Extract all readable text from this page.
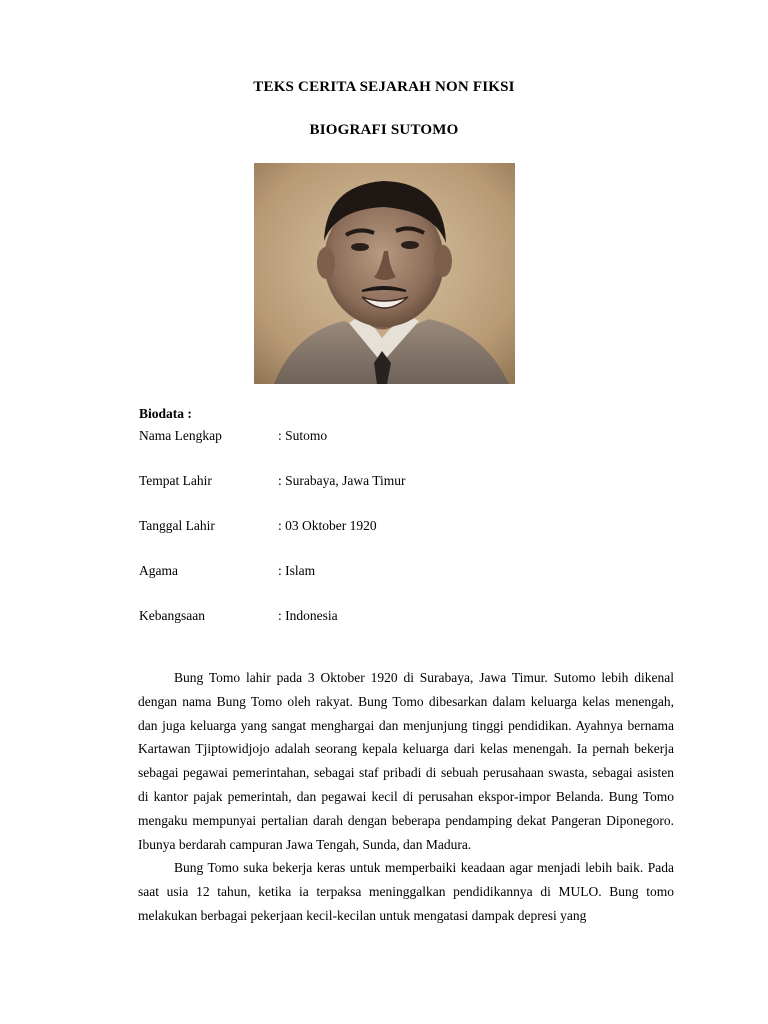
TEKS CERITA SEJARAH NON FIKSI
BIOGRAFI SUTOMO
Biodata :
Nama Lengkap	: Sutomo
Tempat Lahir	: Surabaya, Jawa Timur
Tanggal Lahir	: 03 Oktober 1920
Agama	: Islam
Kebangsaan	: Indonesia

Bung Tomo lahir pada 3 Oktober 1920 di Surabaya, Jawa Timur. Sutomo lebih dikenal dengan nama Bung Tomo oleh rakyat. Bung Tomo dibesarkan dalam keluarga kelas menengah, dan juga keluarga yang sangat menghargai dan menjunjung tinggi pendidikan. Ayahnya bernama Kartawan Tjiptowidjojo adalah seorang kepala keluarga dari kelas menengah. Ia pernah bekerja sebagai pegawai pemerintahan, sebagai staf pribadi di sebuah perusahaan swasta, sebagai asisten di kantor pajak pemerintah, dan pegawai kecil di perusahan ekspor-impor Belanda. Bung Tomo mengaku mempunyai pertalian darah dengan beberapa pendamping dekat Pangeran Diponegoro. Ibunya berdarah campuran Jawa Tengah, Sunda, dan Madura.

Bung Tomo suka bekerja keras untuk memperbaiki keadaan agar menjadi lebih baik. Pada saat usia 12 tahun, ketika ia terpaksa meninggalkan pendidikannya di MULO. Bung tomo melakukan berbagai pekerjaan kecil-kecilan untuk mengatasi dampak depresi yang
